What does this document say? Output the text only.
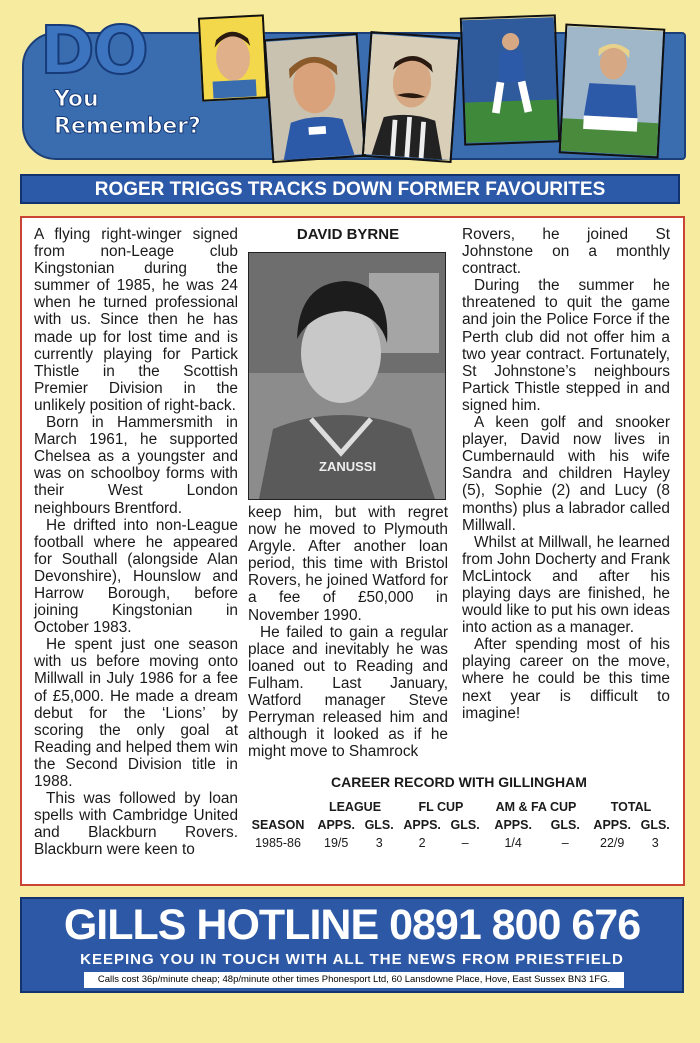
DO
You
Remember?
ROGER TRIGGS TRACKS DOWN FORMER FAVOURITES

A flying right-winger signed from non-Leage club Kingstonian during the summer of 1985, he was 24 when he turned professional with us. Since then he has made up for lost time and is currently playing for Partick Thistle in the Scottish Premier Division in the unlikely position of right-back.

Born in Hammersmith in March 1961, he supported Chelsea as a youngster and was on schoolboy forms with their West London neighbours Brentford.

He drifted into non-League football where he appeared for Southall (alongside Alan Devonshire), Hounslow and Harrow Borough, before joining Kingstonian in October 1983.

He spent just one season with us before moving onto Millwall in July 1986 for a fee of £5,000. He made a dream debut for the ‘Lions’ by scoring the only goal at Reading and helped them win the Second Division title in 1988.

This was followed by loan spells with Cambridge United and Blackburn Rovers. Blackburn were keen to

DAVID BYRNE
ZANUSSI

keep him, but with regret now he moved to Plymouth Argyle. After another loan period, this time with Bristol Rovers, he joined Watford for a fee of £50,000 in November 1990.

He failed to gain a regular place and inevitably he was loaned out to Reading and Fulham. Last January, Watford manager Steve Perryman released him and although it looked as if he might move to Shamrock

Rovers, he joined St Johnstone on a monthly contract.

During the summer he threatened to quit the game and join the Police Force if the Perth club did not offer him a two year contract. Fortunately, St Johnstone’s neighbours Partick Thistle stepped in and signed him.

A keen golf and snooker player, David now lives in Cumbernauld with his wife Sandra and children Hayley (5), Sophie (2) and Lucy (8 months) plus a labrador called Millwall.

Whilst at Millwall, he learned from John Docherty and Frank McLintock and after his playing days are finished, he would like to put his own ideas into action as a manager.

After spending most of his playing career on the move, where he could be this time next year is difficult to imagine!

CAREER RECORD WITH GILLINGHAM
	LEAGUE		FL CUP		AM & FA CUP		TOTAL	
SEASON	APPS.	GLS.	APPS.	GLS.	APPS.	GLS.	APPS.	GLS.
1985-86	19/5	3	2	–	1/4	–	22/9	3
GILLS HOTLINE 0891 800 676
KEEPING YOU IN TOUCH WITH ALL THE NEWS FROM PRIESTFIELD
Calls cost 36p/minute cheap; 48p/minute other times Phonesport Ltd, 60 Lansdowne Place, Hove, East Sussex BN3 1FG.
